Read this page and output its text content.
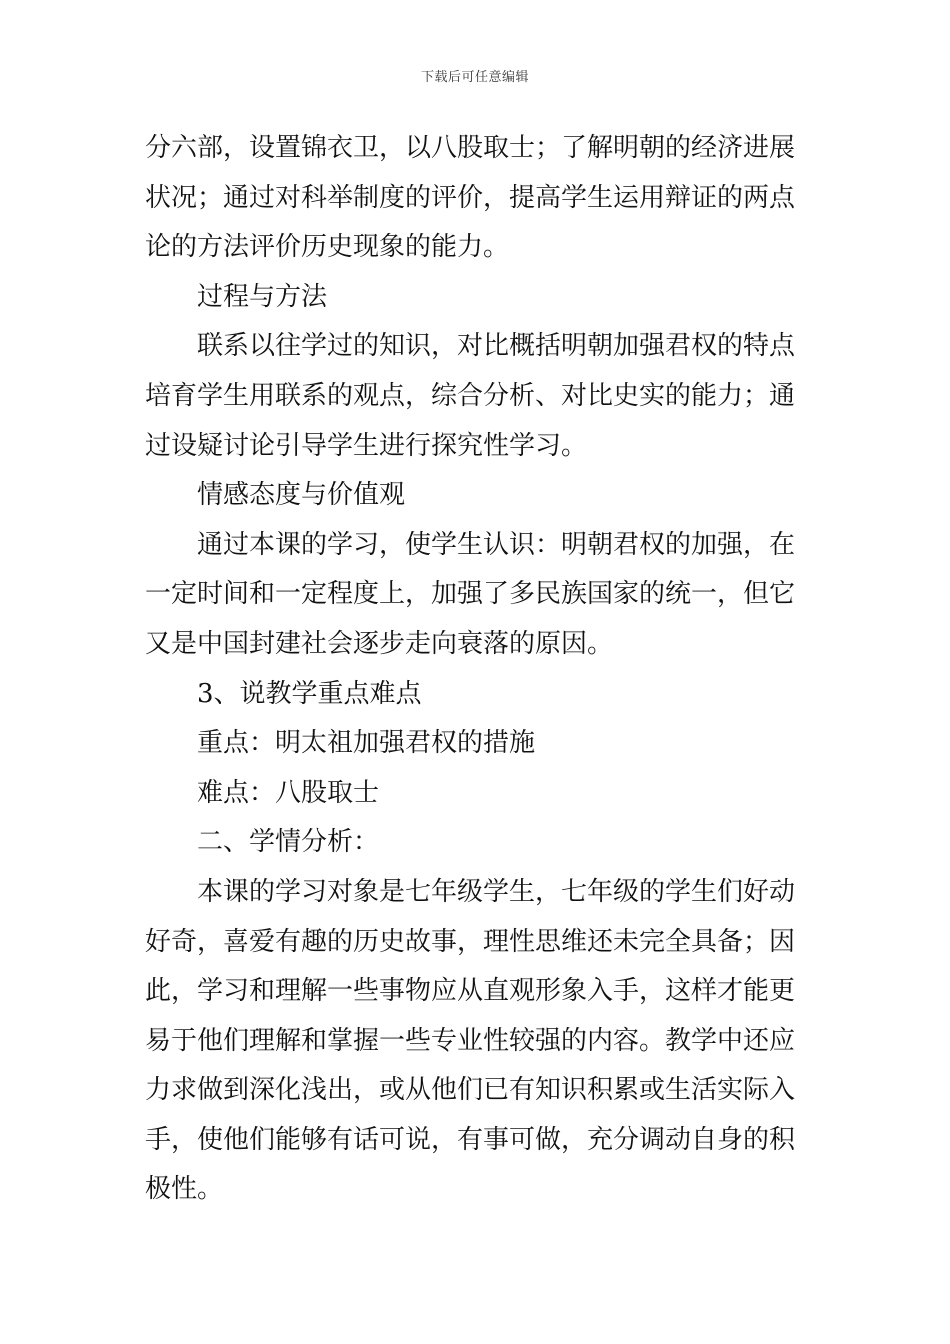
下载后可任意编辑
分六部，设置锦衣卫，以八股取士；了解明朝的经济进展
状况；通过对科举制度的评价，提高学生运用辩证的两点
论的方法评价历史现象的能力。
过程与方法
联系以往学过的知识，对比概括明朝加强君权的特点
培育学生用联系的观点，综合分析、对比史实的能力；通
过设疑讨论引导学生进行探究性学习。
情感态度与价值观
通过本课的学习，使学生认识：明朝君权的加强，在
一定时间和一定程度上，加强了多民族国家的统一，但它
又是中国封建社会逐步走向衰落的原因。
3、说教学重点难点
重点：明太祖加强君权的措施
难点：八股取士
二、学情分析：
本课的学习对象是七年级学生，七年级的学生们好动
好奇，喜爱有趣的历史故事，理性思维还未完全具备；因
此，学习和理解一些事物应从直观形象入手，这样才能更
易于他们理解和掌握一些专业性较强的内容。教学中还应
力求做到深化浅出，或从他们已有知识积累或生活实际入
手，使他们能够有话可说，有事可做，充分调动自身的积
极性。
